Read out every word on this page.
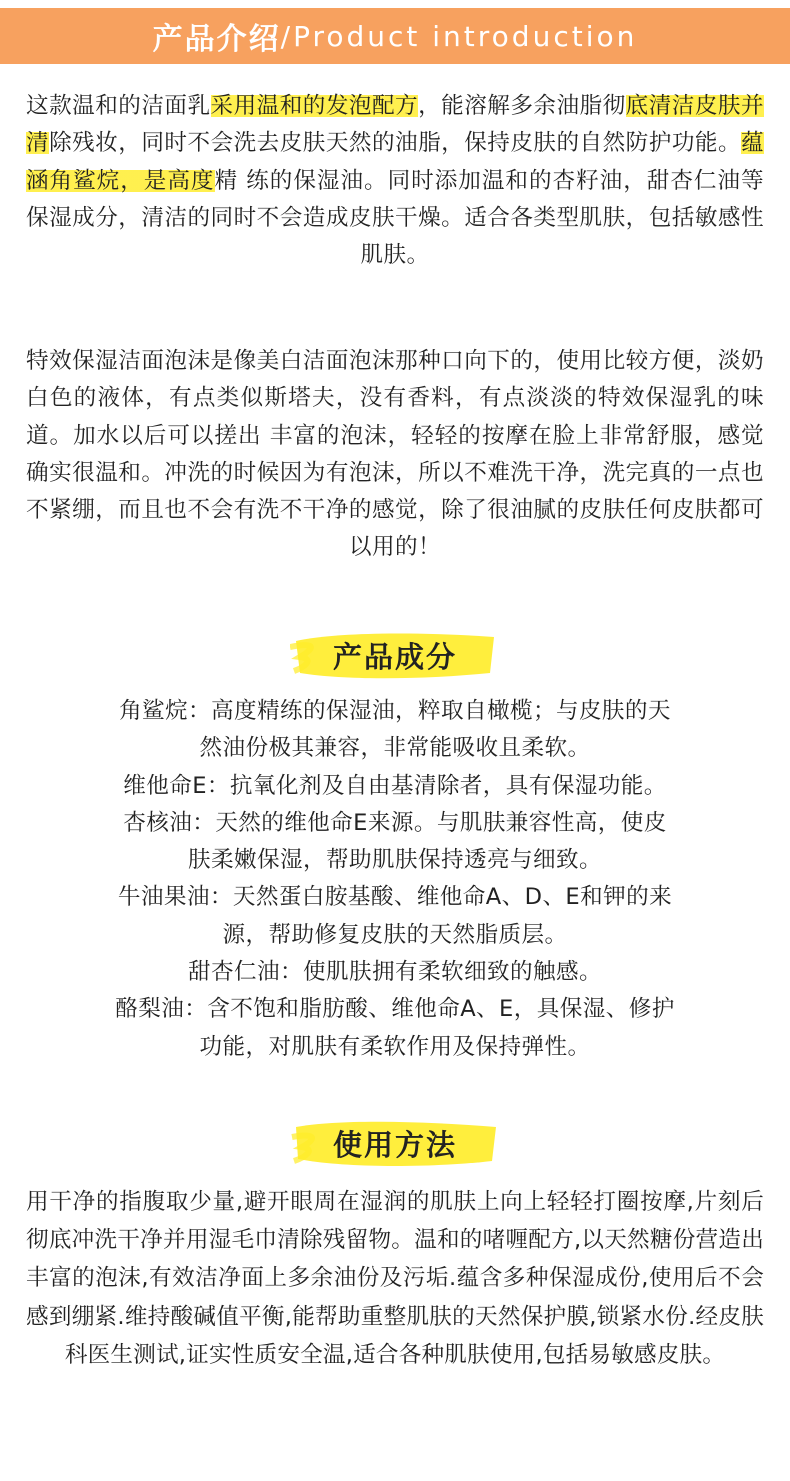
产品介绍 / Product introduction
这款温和的洁面乳采用温和的发泡配方，能溶解多余油脂彻底清洁皮肤并清除残妆，同时不会洗去皮肤天然的油脂，保持皮肤的自然防护功能。蕴涵角鲨烷，是高度精 练的保湿油。同时添加温和的杏籽油，甜杏仁油等保湿成分，清洁的同时不会造成皮肤干燥。适合各类型肌肤，包括敏感性肌肤。
特效保湿洁面泡沫是像美白洁面泡沫那种口向下的，使用比较方便，淡奶白色的液体，有点类似斯塔夫，没有香料，有点淡淡的特效保湿乳的味道。加水以后可以搓出 丰富的泡沫，轻轻的按摩在脸上非常舒服，感觉确实很温和。冲洗的时候因为有泡沫，所以不难洗干净，洗完真的一点也不紧绷，而且也不会有洗不干净的感觉，除了很油腻的皮肤任何皮肤都可以用的！
产品成分
角鲨烷：高度精练的保湿油，粹取自橄榄；与皮肤的天
然油份极其兼容，非常能吸收且柔软。
维他命E：抗氧化剂及自由基清除者，具有保湿功能。
杏核油：天然的维他命E来源。与肌肤兼容性高，使皮
肤柔嫩保湿，帮助肌肤保持透亮与细致。
牛油果油：天然蛋白胺基酸、维他命A、D、E和钾的来
源，帮助修复皮肤的天然脂质层。
甜杏仁油：使肌肤拥有柔软细致的触感。
酪梨油：含不饱和脂肪酸、维他命A、E，具保湿、修护
功能，对肌肤有柔软作用及保持弹性。
使用方法
用干净的指腹取少量,避开眼周在湿润的肌肤上向上轻轻打圈按摩,片刻后彻底冲洗干净并用湿毛巾清除残留物。温和的啫喱配方,以天然糖份营造出丰富的泡沫,有效洁净面上多余油份及污垢.蕴含多种保湿成份,使用后不会感到绷紧.维持酸碱值平衡,能帮助重整肌肤的天然保护膜,锁紧水份.经皮肤科医生测试,证实性质安全温,适合各种肌肤使用,包括易敏感皮肤。
